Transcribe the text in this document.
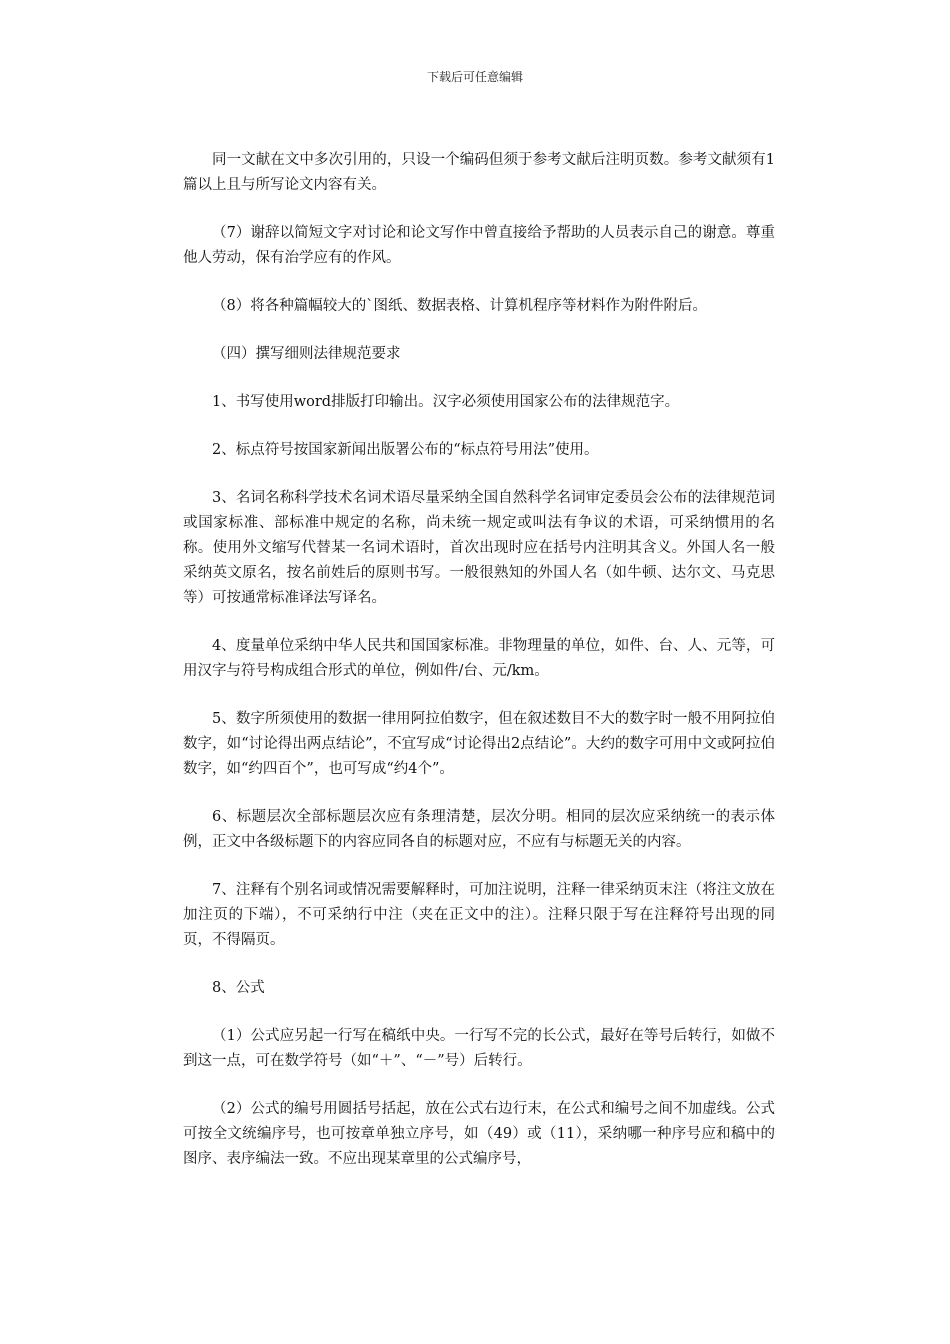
下载后可任意编辑

同一文献在文中多次引用的，只设一个编码但须于参考文献后注明页数。参考文献须有1篇以上且与所写论文内容有关。

（7）谢辞以简短文字对讨论和论文写作中曾直接给予帮助的人员表示自己的谢意。尊重他人劳动，保有治学应有的作风。

（8）将各种篇幅较大的`图纸、数据表格、计算机程序等材料作为附件附后。

（四）撰写细则法律规范要求

1、书写使用word排版打印输出。汉字必须使用国家公布的法律规范字。

2、标点符号按国家新闻出版署公布的“标点符号用法”使用。

3、名词名称科学技术名词术语尽量采纳全国自然科学名词审定委员会公布的法律规范词或国家标准、部标准中规定的名称，尚未统一规定或叫法有争议的术语，可采纳惯用的名称。使用外文缩写代替某一名词术语时，首次出现时应在括号内注明其含义。外国人名一般采纳英文原名，按名前姓后的原则书写。一般很熟知的外国人名（如牛顿、达尔文、马克思等）可按通常标准译法写译名。

4、度量单位采纳中华人民共和国国家标准。非物理量的单位，如件、台、人、元等，可用汉字与符号构成组合形式的单位，例如件/台、元/km。

5、数字所须使用的数据一律用阿拉伯数字，但在叙述数目不大的数字时一般不用阿拉伯数字，如“讨论得出两点结论”，不宜写成“讨论得出2点结论”。大约的数字可用中文或阿拉伯数字，如“约四百个”，也可写成“约4个”。

6、标题层次全部标题层次应有条理清楚，层次分明。相同的层次应采纳统一的表示体例，正文中各级标题下的内容应同各自的标题对应，不应有与标题无关的内容。

7、注释有个别名词或情况需要解释时，可加注说明，注释一律采纳页末注（将注文放在加注页的下端），不可采纳行中注（夹在正文中的注）。注释只限于写在注释符号出现的同页，不得隔页。

8、公式

（1）公式应另起一行写在稿纸中央。一行写不完的长公式，最好在等号后转行，如做不到这一点，可在数学符号（如“＋”、“－”号）后转行。

（2）公式的编号用圆括号括起，放在公式右边行末，在公式和编号之间不加虚线。公式可按全文统编序号，也可按章单独立序号，如（49）或（11），采纳哪一种序号应和稿中的图序、表序编法一致。不应出现某章里的公式编序号，
